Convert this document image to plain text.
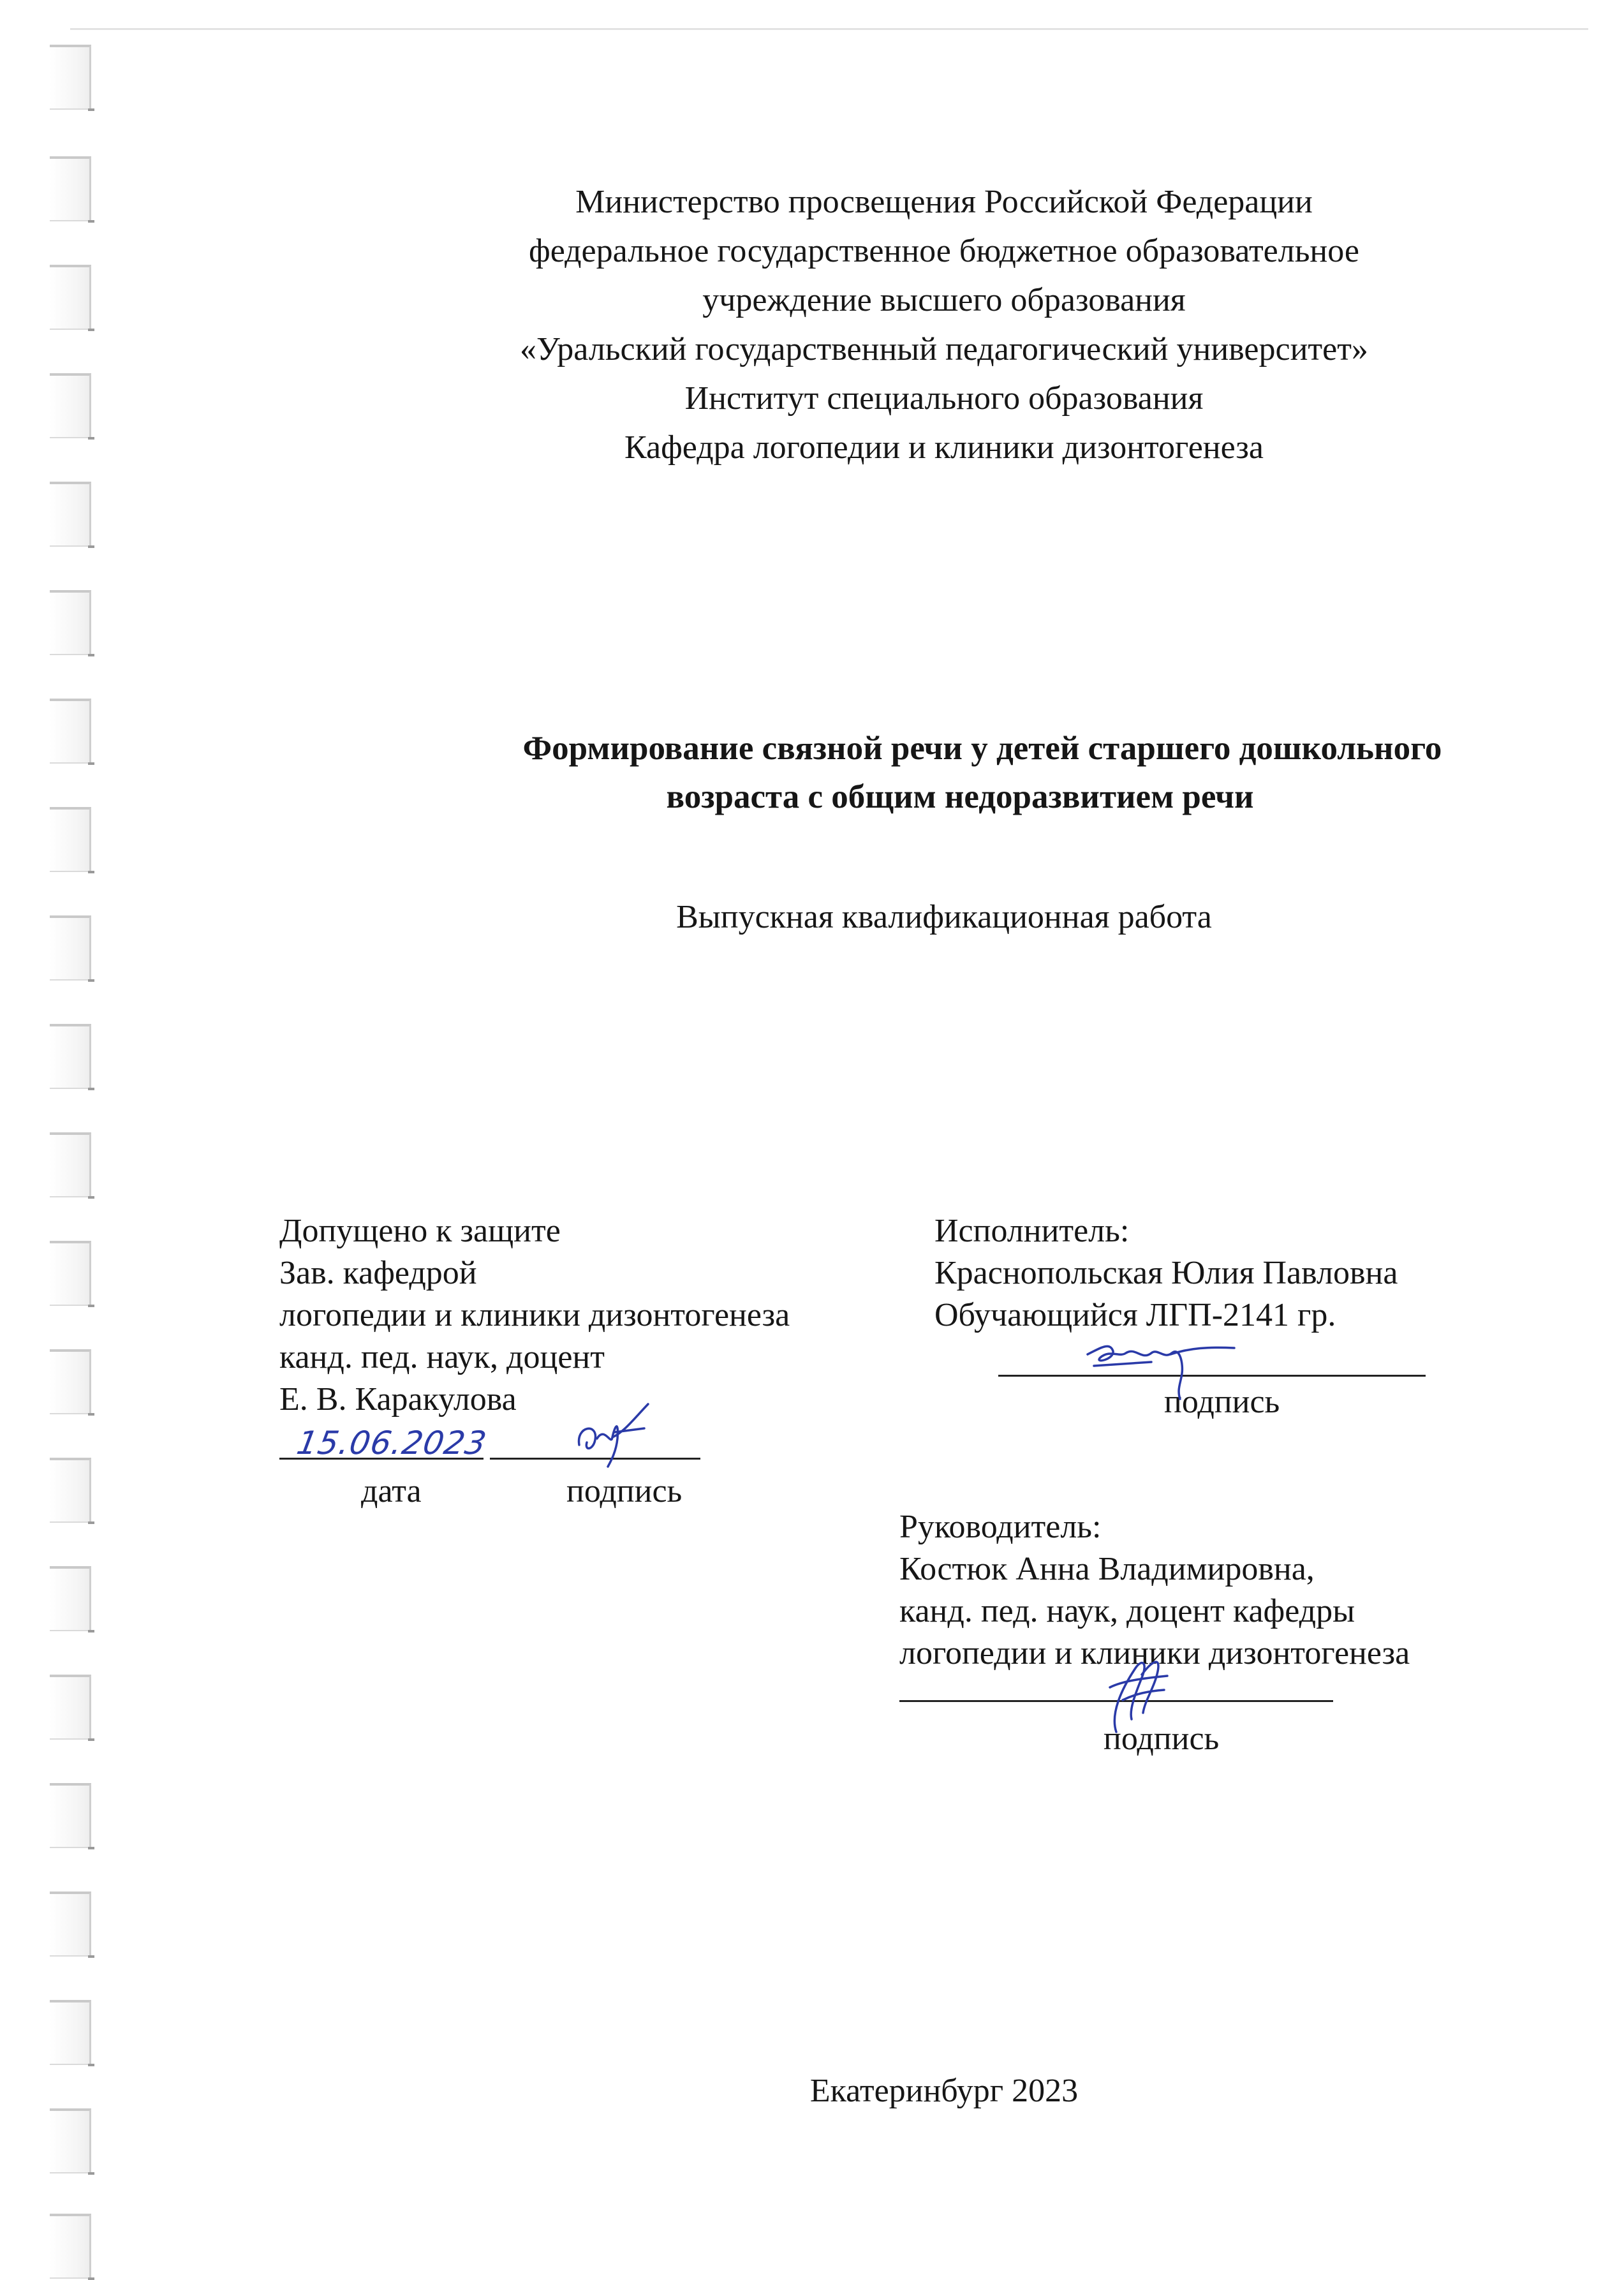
Министерство просвещения Российской Федерации
федеральное государственное бюджетное образовательное
учреждение высшего образования
«Уральский государственный педагогический университет»
Институт специального образования
Кафедра логопедии и клиники дизонтогенеза
Формирование связной речи у детей старшего дошкольного
возраста с общим недоразвитием речи
Выпускная квалификационная работа
Допущено к защите
Зав. кафедрой
логопедии и клиники дизонтогенеза
канд. пед. наук, доцент
Е. В. Каракулова
15.06.2023
дата	подпись
Исполнитель:
Краснопольская Юлия Павловна
Обучающийся ЛГП-2141 гр.
подпись
Руководитель:
Костюк Анна Владимировна,
канд. пед. наук, доцент кафедры
логопедии и клиники дизонтогенеза
подпись
Екатеринбург 2023
